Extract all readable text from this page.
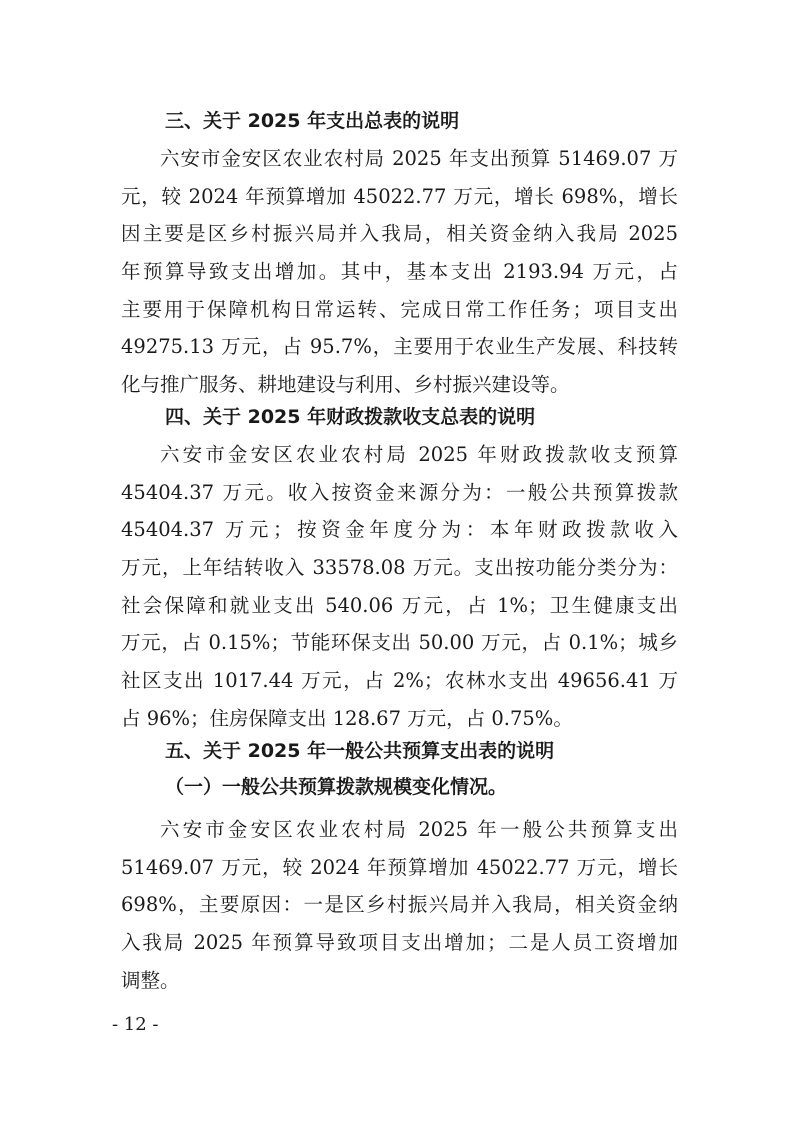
三、关于 2025 年支出总表的说明
六安市金安区农业农村局 2025 年支出预算 51469.07 万
元，较 2024 年预算增加 45022.77 万元，增长 698%，增长
因主要是区乡村振兴局并入我局，相关资金纳入我局 2025
年预算导致支出增加。其中，基本支出 2193.94 万元，占
主要用于保障机构日常运转、完成日常工作任务；项目支出
49275.13 万元，占 95.7%，主要用于农业生产发展、科技转
化与推广服务、耕地建设与利用、乡村振兴建设等。
四、关于 2025 年财政拨款收支总表的说明
六安市金安区农业农村局 2025 年财政拨款收支预算
45404.37 万元。收入按资金来源分为：一般公共预算拨款
45404.37 万元；按资金年度分为：本年财政拨款收入
万元，上年结转收入 33578.08 万元。支出按功能分类分为：
社会保障和就业支出 540.06 万元，占 1%；卫生健康支出
万元，占 0.15%；节能环保支出 50.00 万元，占 0.1%；城乡
社区支出 1017.44 万元，占 2%；农林水支出 49656.41 万
占 96%；住房保障支出 128.67 万元，占 0.75%。
五、关于 2025 年一般公共预算支出表的说明
（一）一般公共预算拨款规模变化情况。
六安市金安区农业农村局 2025 年一般公共预算支出
51469.07 万元，较 2024 年预算增加 45022.77 万元，增长
698%，主要原因：一是区乡村振兴局并入我局，相关资金纳
入我局 2025 年预算导致项目支出增加；二是人员工资增加
调整。
- 12 -
